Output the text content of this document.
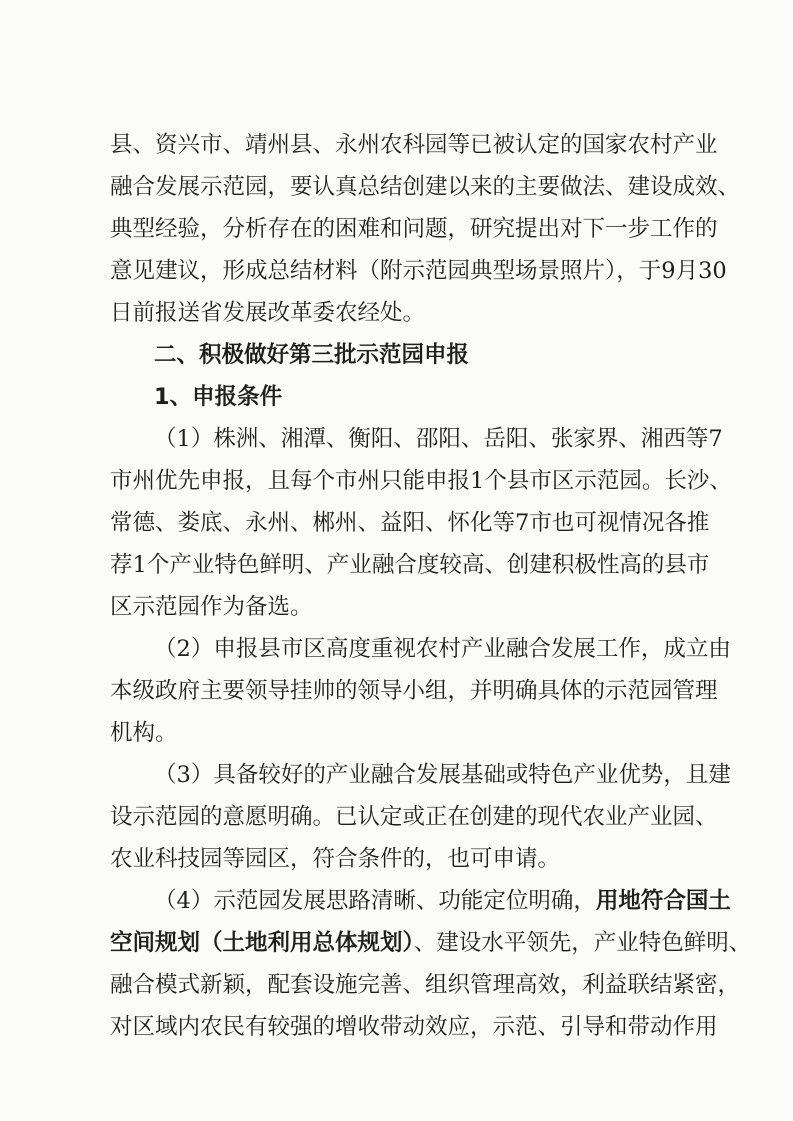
县、资兴市、靖州县、永州农科园等已被认定的国家农村产业
融合发展示范园，要认真总结创建以来的主要做法、建设成效、
典型经验，分析存在的困难和问题，研究提出对下一步工作的
意见建议，形成总结材料（附示范园典型场景照片），于9月30
日前报送省发展改革委农经处。
二、积极做好第三批示范园申报
1、申报条件
（1）株洲、湘潭、衡阳、邵阳、岳阳、张家界、湘西等7
市州优先申报，且每个市州只能申报1个县市区示范园。长沙、
常德、娄底、永州、郴州、益阳、怀化等7市也可视情况各推
荐1个产业特色鲜明、产业融合度较高、创建积极性高的县市
区示范园作为备选。
（2）申报县市区高度重视农村产业融合发展工作，成立由
本级政府主要领导挂帅的领导小组，并明确具体的示范园管理
机构。
（3）具备较好的产业融合发展基础或特色产业优势，且建
设示范园的意愿明确。已认定或正在创建的现代农业产业园、
农业科技园等园区，符合条件的，也可申请。
（4）示范园发展思路清晰、功能定位明确，用地符合国土
空间规划（土地利用总体规划）、建设水平领先，产业特色鲜明、
融合模式新颖，配套设施完善、组织管理高效，利益联结紧密，
对区域内农民有较强的增收带动效应，示范、引导和带动作用
